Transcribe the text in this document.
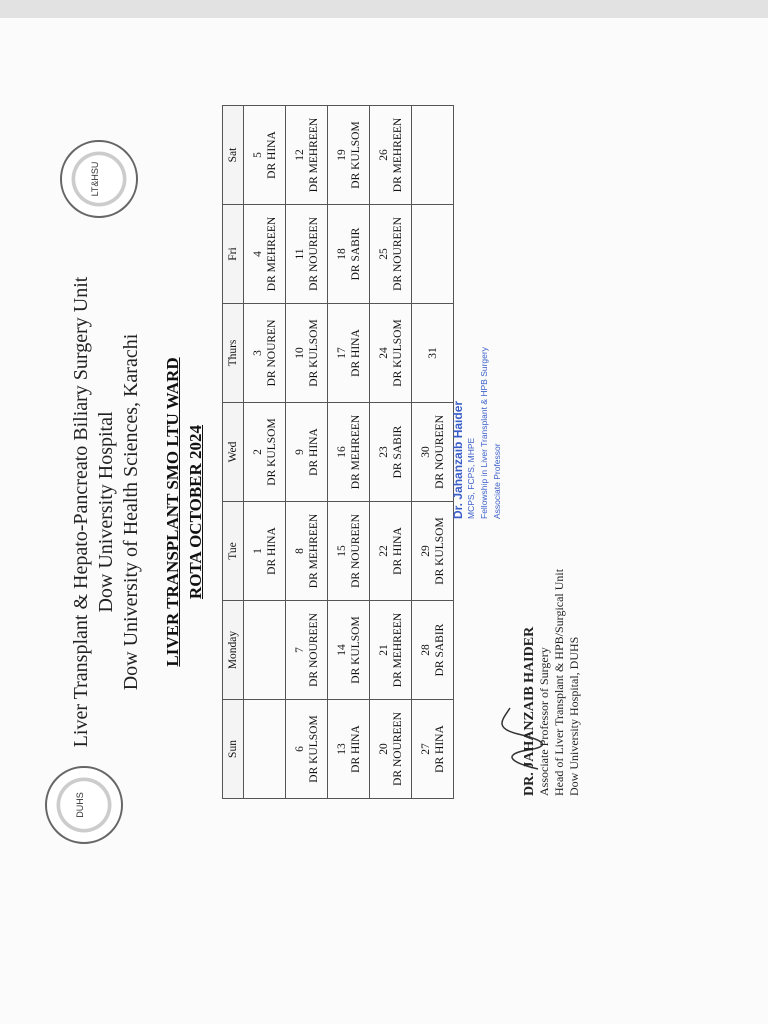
DUHS
LT&HSU
Liver Transplant & Hepato-Pancreato Biliary Surgery Unit Dow University Hospital Dow University of Health Sciences, Karachi LIVER TRANSPLANT SMO LTU WARD ROTA OCTOBER 2024
Sun	Monday	Tue	Wed	Thurs	Fri	Sat

		1 DR HINA	2 DR KULSOM	3 DR NOUREN	4 DR MEHREEN	5 DR HINA

6 DR KULSOM	7 DR NOUREEN	8 DR MEHREEN	9 DR HINA	10 DR KULSOM	11 DR NOUREEN	12 DR MEHREEN

13 DR HINA	14 DR KULSOM	15 DR NOUREEN	16 DR MEHREEN	17 DR HINA	18 DR SABIR	19 DR KULSOM

20 DR NOUREEN	21 DR MEHREEN	22 DR HINA	23 DR SABIR	24 DR KULSOM	25 DR NOUREEN	26 DR MEHREEN

27 DR HINA	28 DR SABIR	29 DR KULSOM	30 DR NOUREEN	31		

DR. JAHANZAIB HAIDER Associate Professor of Surgery Head of Liver Transplant & HPB/Surgical Unit Dow University Hospital, DUHS
Dr. Jahanzaib Haider MCPS, FCPS, MHPE Fellowship in Liver Transplant & HPB Surgery Associate Professor
